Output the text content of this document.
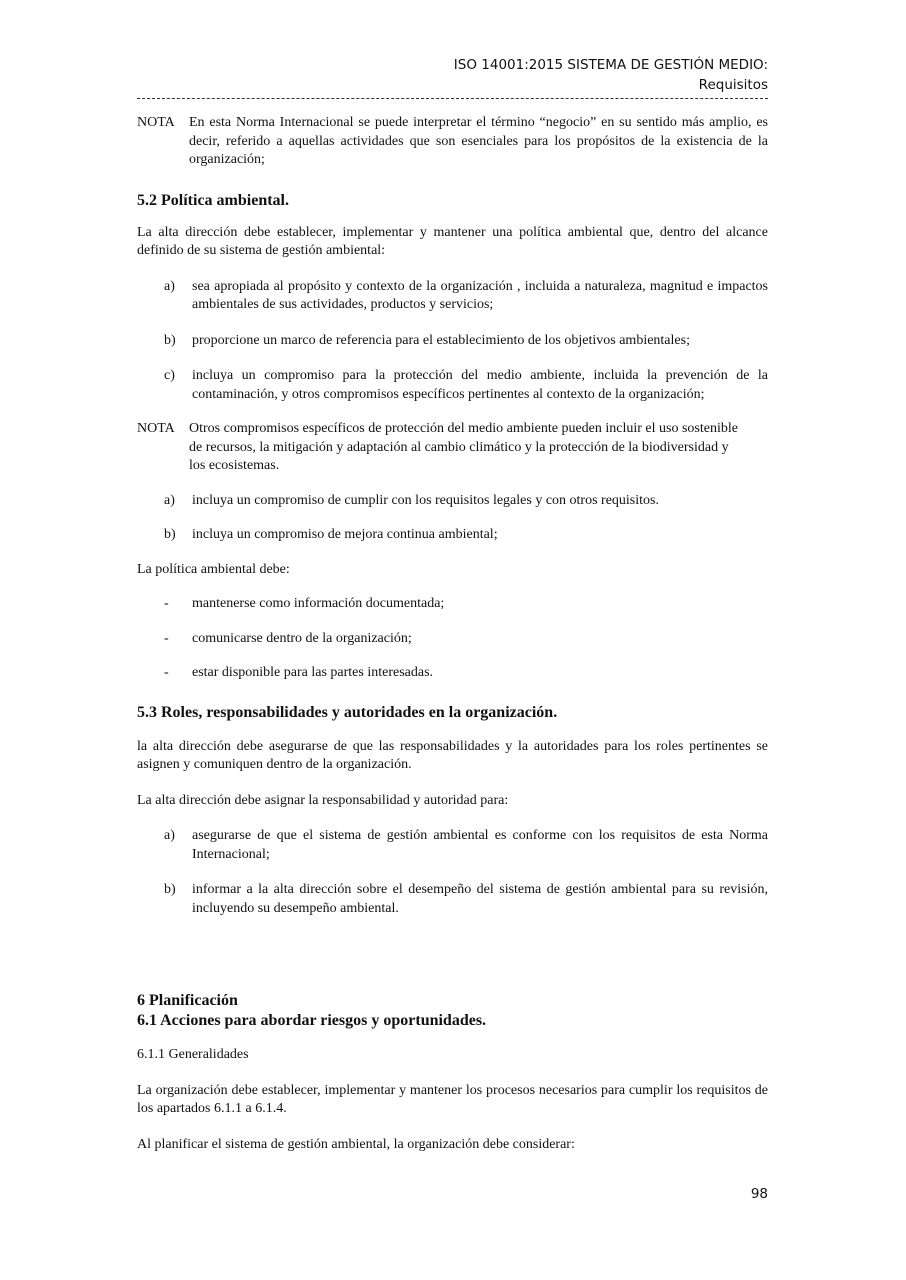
ISO 14001:2015 SISTEMA DE GESTIÓN MEDIO:
Requisitos
NOTA	En esta Norma Internacional se puede interpretar el término “negocio” en su sentido más amplio, es decir, referido a aquellas actividades que son esenciales para los propósitos de la existencia de la organización;
5.2 Política ambiental.

La alta dirección debe establecer, implementar y mantener una política ambiental que, dentro del alcance definido de su sistema de gestión ambiental:

a)	sea apropiada al propósito y contexto de la organización , incluida a naturaleza, magnitud e impactos ambientales de sus actividades, productos y servicios;
b)	proporcione un marco de referencia para el establecimiento de los objetivos ambientales;
c)	incluya un compromiso para la protección del medio ambiente, incluida la prevención de la contaminación, y otros compromisos específicos pertinentes al contexto de la organización;
NOTA	Otros compromisos específicos de protección del medio ambiente pueden incluir el uso sostenible de recursos, la mitigación y adaptación al cambio climático y la protección de la biodiversidad y los ecosistemas.
a)	incluya un compromiso de cumplir con los requisitos legales y con otros requisitos.
b)	incluya un compromiso de mejora continua ambiental;

La política ambiental debe:

-	mantenerse como información documentada;
-	comunicarse dentro de la organización;
-	estar disponible para las partes interesadas.
5.3 Roles, responsabilidades y autoridades en la organización.

la alta dirección debe asegurarse de que las responsabilidades y la autoridades para los roles pertinentes se asignen y comuniquen dentro de la organización.

La alta dirección debe asignar la responsabilidad y autoridad para:

a)	asegurarse de que el sistema de gestión ambiental es conforme con los requisitos de esta Norma Internacional;
b)	informar a la alta dirección sobre el desempeño del sistema de gestión ambiental para su revisión, incluyendo su desempeño ambiental.
6 Planificación
6.1 Acciones para abordar riesgos y oportunidades.

6.1.1 Generalidades

La organización debe establecer, implementar y mantener los procesos necesarios para cumplir los requisitos de los apartados 6.1.1 a 6.1.4.

Al planificar el sistema de gestión ambiental, la organización debe considerar:

98
